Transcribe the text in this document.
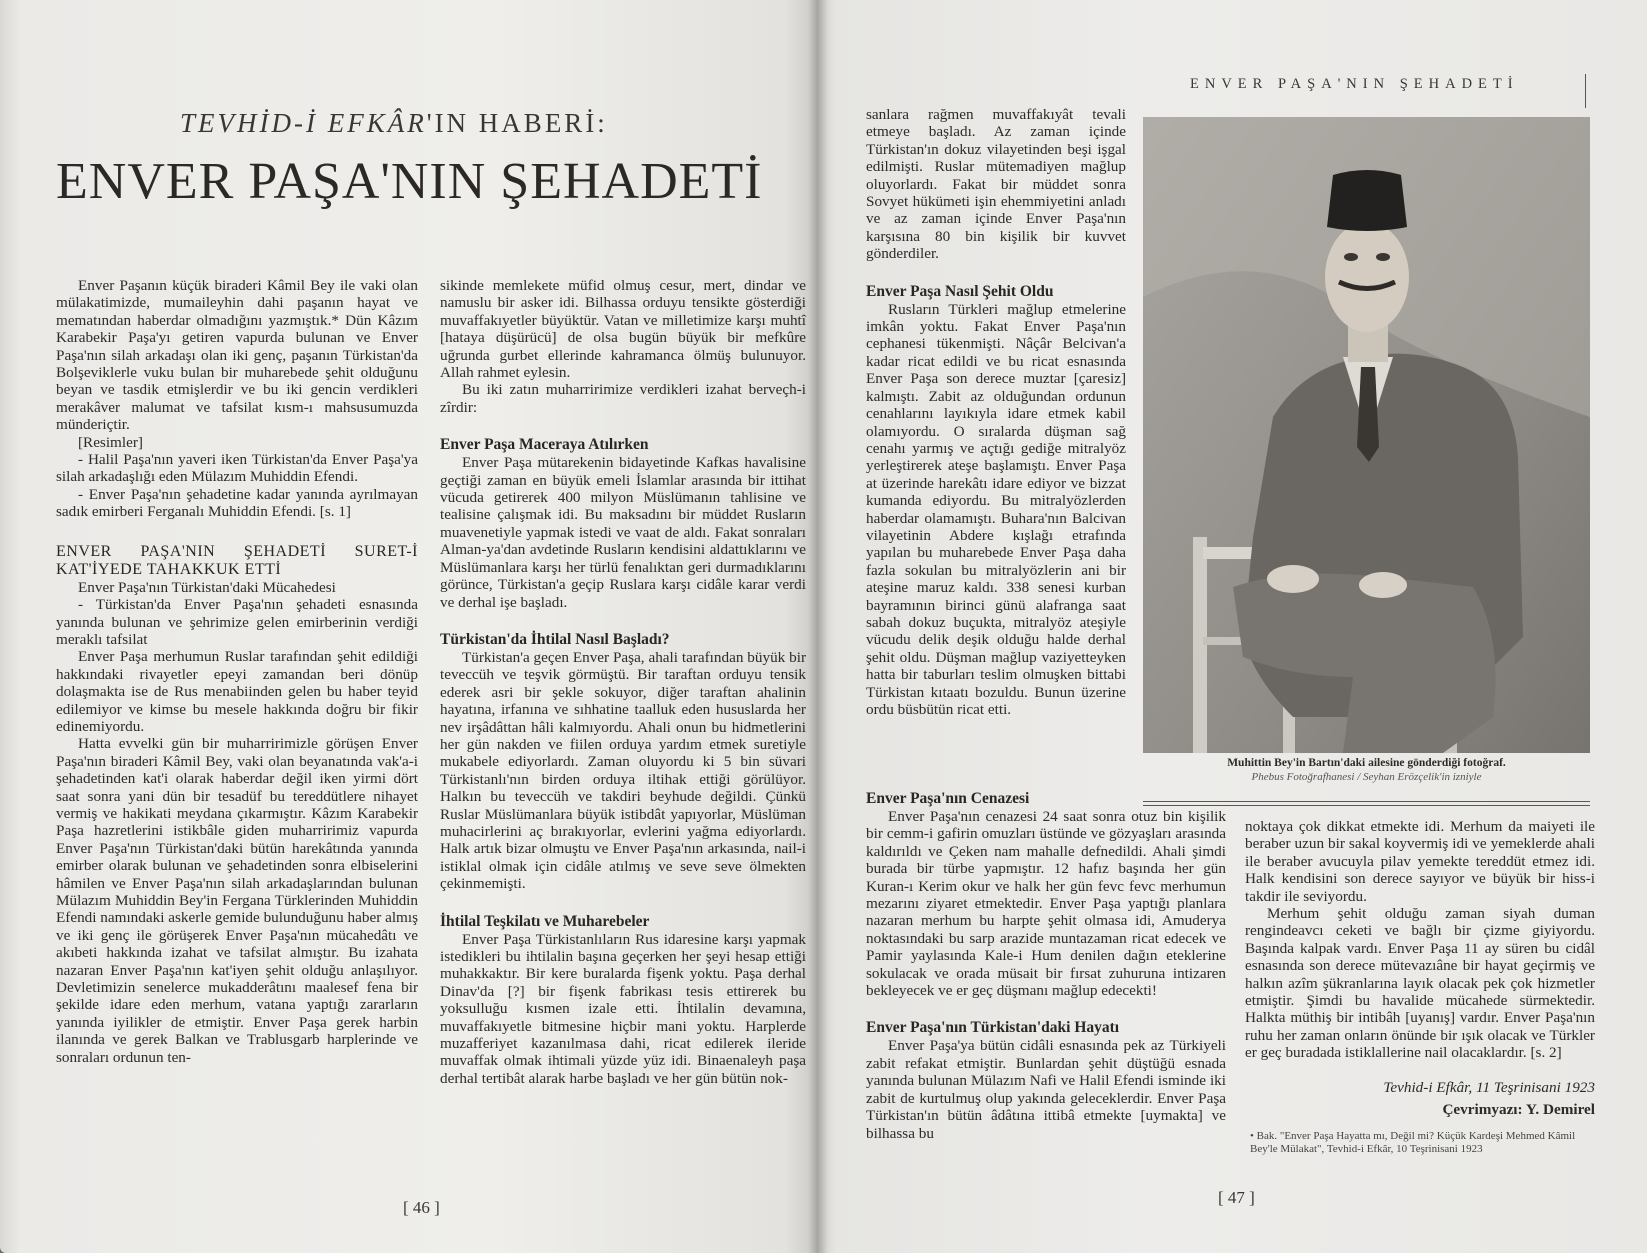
TEVHİD-İ EFKÂR'IN HABERİ:
ENVER PAŞA'NIN ŞEHADETİ

Enver Paşanın küçük biraderi Kâmil Bey ile vaki olan mülakatimizde, mumaileyhin dahi paşanın hayat ve mematından haberdar olmadığını yazmıştık.* Dün Kâzım Karabekir Paşa'yı getiren vapurda bulunan ve Enver Paşa'nın silah arkadaşı olan iki genç, paşanın Türkistan'da Bolşeviklerle vuku bulan bir muharebede şehit olduğunu beyan ve tasdik etmişlerdir ve bu iki gencin verdikleri merakâver malumat ve tafsilat kısm-ı mahsusumuzda münderiçtir.

[Resimler]

- Halil Paşa'nın yaveri iken Türkistan'da Enver Paşa'ya silah arkadaşlığı eden Mülazım Muhiddin Efendi.

- Enver Paşa'nın şehadetine kadar yanında ayrılmayan sadık emirberi Ferganalı Muhiddin Efendi. [s. 1]

ENVER PAŞA'NIN ŞEHADETİ SURET-İ KAT'İYEDE TAHAKKUK ETTİ

Enver Paşa'nın Türkistan'daki Mücahedesi

- Türkistan'da Enver Paşa'nın şehadeti esnasında yanında bulunan ve şehrimize gelen emirberinin verdiği meraklı tafsilat

Enver Paşa merhumun Ruslar tarafından şehit edildiği hakkındaki rivayetler epeyi zamandan beri dönüp dolaşmakta ise de Rus menabiinden gelen bu haber teyid edilemiyor ve kimse bu mesele hakkında doğru bir fikir edinemiyordu.

Hatta evvelki gün bir muharririmizle görüşen Enver Paşa'nın biraderi Kâmil Bey, vaki olan beyanatında vak'a-i şehadetinden kat'i olarak haberdar değil iken yirmi dört saat sonra yani dün bir tesadüf bu tereddütlere nihayet vermiş ve hakikati meydana çıkarmıştır. Kâzım Karabekir Paşa hazretlerini istikbâle giden muharririmiz vapurda Enver Paşa'nın Türkistan'daki bütün harekâtında yanında emirber olarak bulunan ve şehadetinden sonra elbiselerini hâmilen ve Enver Paşa'nın silah arkadaşlarından bulunan Mülazım Muhiddin Bey'in Fergana Türklerinden Muhiddin Efendi namındaki askerle gemide bulunduğunu haber almış ve iki genç ile görüşerek Enver Paşa'nın mücahedâtı ve akıbeti hakkında izahat ve tafsilat almıştır. Bu izahata nazaran Enver Paşa'nın kat'iyen şehit olduğu anlaşılıyor. Devletimizin senelerce mukadderâtını maalesef fena bir şekilde idare eden merhum, vatana yaptığı zararların yanında iyilikler de etmiştir. Enver Paşa gerek harbin ilanında ve gerek Balkan ve Trablusgarb harplerinde ve sonraları ordunun ten-

sikinde memlekete müfid olmuş cesur, mert, dindar ve namuslu bir asker idi. Bilhassa orduyu tensikte gösterdiği muvaffakıyetler büyüktür. Vatan ve milletimize karşı muhtî [hataya düşürücü] de olsa bugün büyük bir mefkûre uğrunda gurbet ellerinde kahramanca ölmüş bulunuyor. Allah rahmet eylesin.

Bu iki zatın muharririmize verdikleri izahat berveçh-i zîrdir:

Enver Paşa Maceraya Atılırken

Enver Paşa mütarekenin bidayetinde Kafkas havalisine geçtiği zaman en büyük emeli İslamlar arasında bir ittihat vücuda getirerek 400 milyon Müslümanın tahlisine ve tealisine çalışmak idi. Bu maksadını bir müddet Rusların muavenetiyle yapmak istedi ve vaat de aldı. Fakat sonraları Alman-ya'dan avdetinde Rusların kendisini aldattıklarını ve Müslümanlara karşı her türlü fenalıktan geri durmadıklarını görünce, Türkistan'a geçip Ruslara karşı cidâle karar verdi ve derhal işe başladı.

Türkistan'da İhtilal Nasıl Başladı?

Türkistan'a geçen Enver Paşa, ahali tarafından büyük bir teveccüh ve teşvik görmüştü. Bir taraftan orduyu tensik ederek asri bir şekle sokuyor, diğer taraftan ahalinin hayatına, irfanına ve sıhhatine taalluk eden hususlarda her nev irşâdâttan hâli kalmıyordu. Ahali onun bu hidmetlerini her gün nakden ve fiilen orduya yardım etmek suretiyle mukabele ediyorlardı. Zaman oluyordu ki 5 bin süvari Türkistanlı'nın birden orduya iltihak ettiği görülüyor. Halkın bu teveccüh ve takdiri beyhude değildi. Çünkü Ruslar Müslümanlara büyük istibdât yapıyorlar, Müslüman muhacirlerini aç bırakıyorlar, evlerini yağma ediyorlardı. Halk artık bizar olmuştu ve Enver Paşa'nın arkasında, nail-i istiklal olmak için cidâle atılmış ve seve seve ölmekten çekinmemişti.

İhtilal Teşkilatı ve Muharebeler

Enver Paşa Türkistanlıların Rus idaresine karşı yapmak istedikleri bu ihtilalin başına geçerken her şeyi hesap ettiği muhakkaktır. Bir kere buralarda fişenk yoktu. Paşa derhal Dinav'da [?] bir fişenk fabrikası tesis ettirerek bu yoksulluğu kısmen izale etti. İhtilalin devamına, muvaffakıyetle bitmesine hiçbir mani yoktu. Harplerde muzafferiyet kazanılmasa dahi, ricat edilerek ileride muvaffak olmak ihtimali yüzde yüz idi. Binaenaleyh paşa derhal tertibât alarak harbe başladı ve her gün bütün nok-

[ 46 ]
ENVER PAŞA'NIN ŞEHADETİ

sanlara rağmen muvaffakıyât tevali etmeye başladı. Az zaman içinde Türkistan'ın dokuz vilayetinden beşi işgal edilmişti. Ruslar mütemadiyen mağlup oluyorlardı. Fakat bir müddet sonra Sovyet hükümeti işin ehemmiyetini anladı ve az zaman içinde Enver Paşa'nın karşısına 80 bin kişilik bir kuvvet gönderdiler.

Enver Paşa Nasıl Şehit Oldu

Rusların Türkleri mağlup etmelerine imkân yoktu. Fakat Enver Paşa'nın cephanesi tükenmişti. Nâçâr Belcivan'a kadar ricat edildi ve bu ricat esnasında Enver Paşa son derece muztar [çaresiz] kalmıştı. Zabit az olduğundan ordunun cenahlarını layıkıyla idare etmek kabil olamıyordu. O sıralarda düşman sağ cenahı yarmış ve açtığı gediğe mitralyöz yerleştirerek ateşe başlamıştı. Enver Paşa at üzerinde harekâtı idare ediyor ve bizzat kumanda ediyordu. Bu mitralyözlerden haberdar olamamıştı. Buhara'nın Balcivan vilayetinin Abdere kışlağı etrafında yapılan bu muharebede Enver Paşa daha fazla sokulan bu mitralyözlerin ani bir ateşine maruz kaldı. 338 senesi kurban bayramının birinci günü alafranga saat sabah dokuz buçukta, mitralyöz ateşiyle vücudu delik deşik olduğu halde derhal şehit oldu. Düşman mağlup vaziyetteyken hatta bir taburları teslim olmuşken bittabi Türkistan kıtaatı bozuldu. Bunun üzerine ordu büsbütün ricat etti.

Muhittin Bey'in Bartın'daki ailesine gönderdiği fotoğraf.
Phebus Fotoğrafhanesi / Seyhan Erözçelik'in izniyle
Enver Paşa'nın Cenazesi

Enver Paşa'nın cenazesi 24 saat sonra otuz bin kişilik bir cemm-i gafirin omuzları üstünde ve gözyaşları arasında kaldırıldı ve Çeken nam mahalle defnedildi. Ahali şimdi burada bir türbe yapmıştır. 12 hafız başında her gün Kuran-ı Kerim okur ve halk her gün fevc fevc merhumun mezarını ziyaret etmektedir. Enver Paşa yaptığı planlara nazaran merhum bu harpte şehit olmasa idi, Amuderya noktasındaki bu sarp arazide muntazaman ricat edecek ve Pamir yaylasında Kale-i Hum denilen dağın eteklerine sokulacak ve orada müsait bir fırsat zuhuruna intizaren bekleyecek ve er geç düşmanı mağlup edecekti!

Enver Paşa'nın Türkistan'daki Hayatı

Enver Paşa'ya bütün cidâli esnasında pek az Türkiyeli zabit refakat etmiştir. Bunlardan şehit düştüğü esnada yanında bulunan Mülazım Nafi ve Halil Efendi isminde iki zabit de kurtulmuş olup yakında geleceklerdir. Enver Paşa Türkistan'ın bütün âdâtına ittibâ etmekte [uymakta] ve bilhassa bu

noktaya çok dikkat etmekte idi. Merhum da maiyeti ile beraber uzun bir sakal koyvermiş idi ve yemeklerde ahali ile beraber avucuyla pilav yemekte tereddüt etmez idi. Halk kendisini son derece sayıyor ve büyük bir hiss-i takdir ile seviyordu.

Merhum şehit olduğu zaman siyah duman rengindeavcı ceketi ve bağlı bir çizme giyiyordu. Başında kalpak vardı. Enver Paşa 11 ay süren bu cidâl esnasında son derece mütevazıâne bir hayat geçirmiş ve halkın azîm şükranlarına layık olacak pek çok hizmetler etmiştir. Şimdi bu havalide mücahede sürmektedir. Halkta müthiş bir intibâh [uyanış] vardır. Enver Paşa'nın ruhu her zaman onların önünde bir ışık olacak ve Türkler er geç buradada istiklallerine nail olacaklardır. [s. 2]

Tevhid-i Efkâr, 11 Teşrinisani 1923
Çevrimyazı: Y. Demirel
• Bak. "Enver Paşa Hayatta mı, Değil mi? Küçük Kardeşi Mehmed Kâmil Bey'le Mülakat", Tevhid-i Efkâr, 10 Teşrinisani 1923
[ 47 ]
